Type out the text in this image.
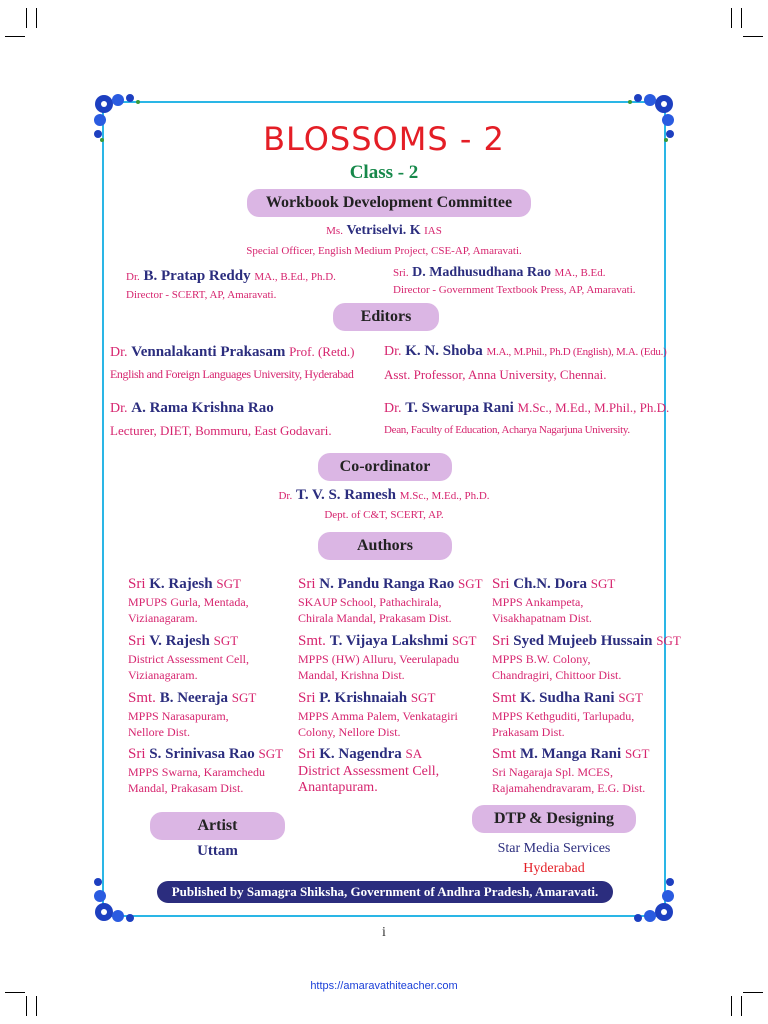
BLOSSOMS - 2
Class - 2
Workbook Development Committee
Ms. Vetriselvi. K IAS
Special Officer, English Medium Project, CSE-AP, Amaravati.
Dr. B. Pratap Reddy MA., B.Ed., Ph.D.
Director - SCERT, AP, Amaravati.
Sri. D. Madhusudhana Rao MA., B.Ed.
Director - Government Textbook Press, AP, Amaravati.
Editors
Dr. Vennalakanti Prakasam Prof. (Retd.)
English and Foreign Languages University, Hyderabad
Dr. K. N. Shoba M.A., M.Phil., Ph.D (English), M.A. (Edu.)
Asst. Professor, Anna University, Chennai.
Dr. A. Rama Krishna Rao
Lecturer, DIET, Bommuru, East Godavari.
Dr. T. Swarupa Rani M.Sc., M.Ed., M.Phil., Ph.D.
Dean, Faculty of Education, Acharya Nagarjuna University.
Co-ordinator
Dr. T. V. S. Ramesh M.Sc., M.Ed., Ph.D.
Dept. of C&T, SCERT, AP.
Authors
Sri K. Rajesh SGT
MPUPS Gurla, Mentada,
Vizianagaram.
Sri V. Rajesh SGT
District Assessment Cell,
Vizianagaram.
Smt. B. Neeraja SGT
MPPS Narasapuram,
Nellore Dist.
Sri S. Srinivasa Rao SGT
MPPS Swarna, Karamchedu
Mandal, Prakasam Dist.
Sri N. Pandu Ranga Rao SGT
SKAUP School, Pathachirala,
Chirala Mandal, Prakasam Dist.
Smt. T. Vijaya Lakshmi SGT
MPPS (HW) Alluru, Veerulapadu
Mandal, Krishna Dist.
Sri P. Krishnaiah SGT
MPPS Amma Palem, Venkatagiri
Colony, Nellore Dist.
Sri K. Nagendra SA
District Assessment Cell,
Anantapuram.
Sri Ch.N. Dora SGT
MPPS Ankampeta,
Visakhapatnam Dist.
Sri Syed Mujeeb Hussain SGT
MPPS B.W. Colony,
Chandragiri, Chittoor Dist.
Smt K. Sudha Rani SGT
MPPS Kethguditi, Tarlupadu,
Prakasam Dist.
Smt M. Manga Rani SGT
Sri Nagaraja Spl. MCES,
Rajamahendravaram, E.G. Dist.
Artist
Uttam
DTP & Designing
Star Media Services
Hyderabad
Published by Samagra Shiksha, Government of Andhra Pradesh, Amaravati.
i
https://amaravathiteacher.com
